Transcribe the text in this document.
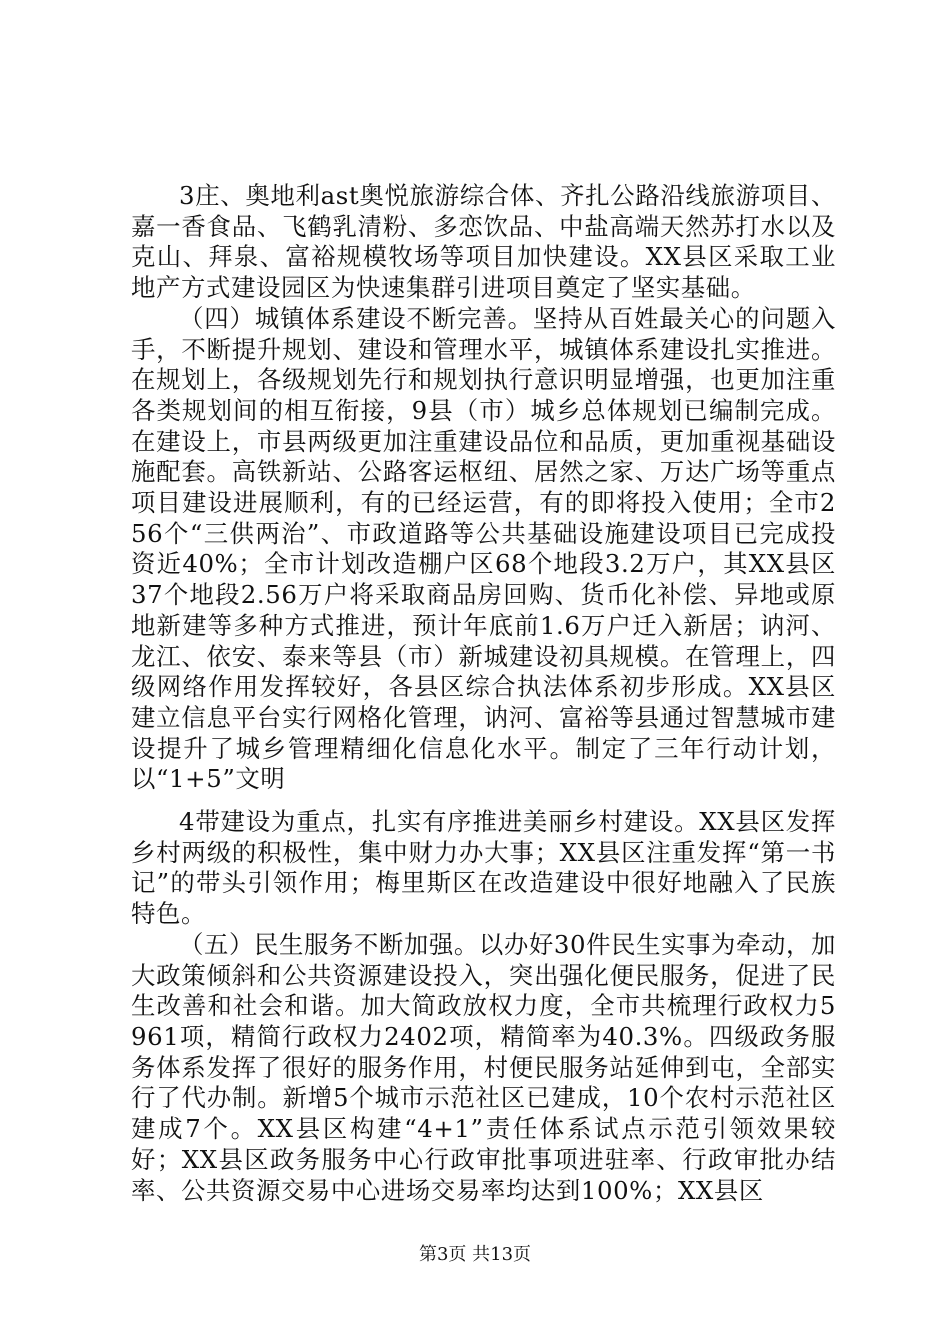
3庄、奥地利ast奥悦旅游综合体、齐扎公路沿线旅游项目、嘉一香食品、飞鹤乳清粉、多恋饮品、中盐高端天然苏打水以及克山、拜泉、富裕规模牧场等项目加快建设。XX县区采取工业地产方式建设园区为快速集群引进项目奠定了坚实基础。

（四）城镇体系建设不断完善。坚持从百姓最关心的问题入手，不断提升规划、建设和管理水平，城镇体系建设扎实推进。在规划上，各级规划先行和规划执行意识明显增强，也更加注重各类规划间的相互衔接，9县（市）城乡总体规划已编制完成。在建设上，市县两级更加注重建设品位和品质，更加重视基础设施配套。高铁新站、公路客运枢纽、居然之家、万达广场等重点项目建设进展顺利，有的已经运营，有的即将投入使用；全市256个“三供两治”、市政道路等公共基础设施建设项目已完成投资近40%；全市计划改造棚户区68个地段3.2万户，其XX县区37个地段2.56万户将采取商品房回购、货币化补偿、异地或原地新建等多种方式推进，预计年底前1.6万户迁入新居；讷河、龙江、依安、泰来等县（市）新城建设初具规模。在管理上，四级网络作用发挥较好，各县区综合执法体系初步形成。XX县区建立信息平台实行网格化管理，讷河、富裕等县通过智慧城市建设提升了城乡管理精细化信息化水平。制定了三年行动计划，以“1+5”文明

4带建设为重点，扎实有序推进美丽乡村建设。XX县区发挥乡村两级的积极性，集中财力办大事；XX县区注重发挥“第一书记”的带头引领作用；梅里斯区在改造建设中很好地融入了民族特色。

（五）民生服务不断加强。以办好30件民生实事为牵动，加大政策倾斜和公共资源建设投入，突出强化便民服务，促进了民生改善和社会和谐。加大简政放权力度，全市共梳理行政权力5961项，精简行政权力2402项，精简率为40.3%。四级政务服务体系发挥了很好的服务作用，村便民服务站延伸到屯，全部实行了代办制。新增5个城市示范社区已建成，10个农村示范社区建成7个。XX县区构建“4+1”责任体系试点示范引领效果较好；XX县区政务服务中心行政审批事项进驻率、行政审批办结率、公共资源交易中心进场交易率均达到100%；XX县区

第3页 共13页
